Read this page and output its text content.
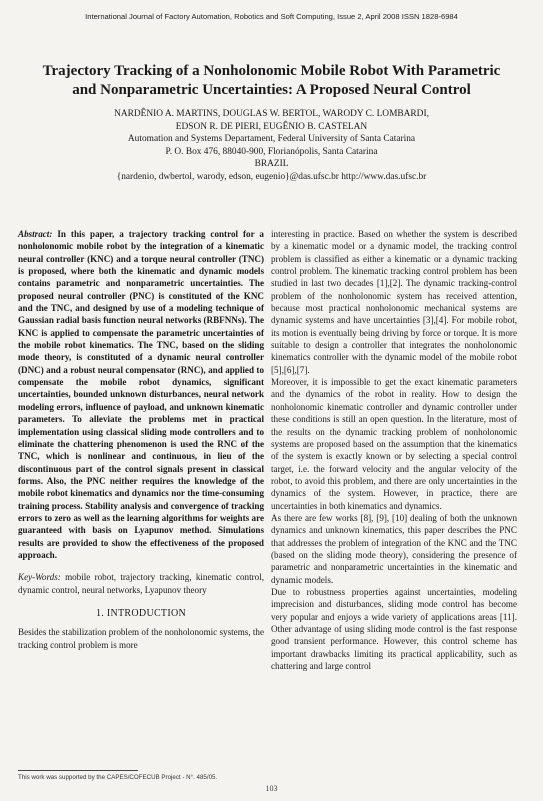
International Journal of Factory Automation, Robotics and Soft Computing, Issue 2, April 2008 ISSN 1828-6984
Trajectory Tracking of a Nonholonomic Mobile Robot With Parametric
and Nonparametric Uncertainties: A Proposed Neural Control
NARDÊNIO A. MARTINS, DOUGLAS W. BERTOL, WARODY C. LOMBARDI,
EDSON R. DE PIERI, EUGÊNIO B. CASTELAN
Automation and Systems Departament, Federal University of Santa Catarina
P. O. Box 476, 88040-900, Florianópolis, Santa Catarina
BRAZIL
{nardenio, dwbertol, warody, edson, eugenio}@das.ufsc.br http://www.das.ufsc.br

Abstract: In this paper, a trajectory tracking control for a nonholonomic mobile robot by the integration of a kinematic neural controller (KNC) and a torque neural controller (TNC) is proposed, where both the kinematic and dynamic models contains parametric and nonparametric uncertainties. The proposed neural controller (PNC) is constituted of the KNC and the TNC, and designed by use of a modeling technique of Gaussian radial basis function neural networks (RBFNNs). The KNC is applied to compensate the parametric uncertainties of the mobile robot kinematics. The TNC, based on the sliding mode theory, is constituted of a dynamic neural controller (DNC) and a robust neural compensator (RNC), and applied to compensate the mobile robot dynamics, significant uncertainties, bounded unknown disturbances, neural network modeling errors, influence of payload, and unknown kinematic parameters. To alleviate the problems met in practical implementation using classical sliding mode controllers and to eliminate the chattering phenomenon is used the RNC of the TNC, which is nonlinear and continuous, in lieu of the discontinuous part of the control signals present in classical forms. Also, the PNC neither requires the knowledge of the mobile robot kinematics and dynamics nor the time-consuming training process. Stability analysis and convergence of tracking errors to zero as well as the learning algorithms for weights are guaranteed with basis on Lyapunov method. Simulations results are provided to show the effectiveness of the proposed approach.

Key-Words: mobile robot, trajectory tracking, kinematic control, dynamic control, neural networks, Lyapunov theory

1. INTRODUCTION

Besides the stabilization problem of the nonholonomic systems, the tracking control problem is more

interesting in practice. Based on whether the system is described by a kinematic model or a dynamic model, the tracking control problem is classified as either a kinematic or a dynamic tracking control problem. The kinematic tracking control problem has been studied in last two decades [1],[2]. The dynamic tracking-control problem of the nonholonomic system has received attention, because most practical nonholonomic mechanical systems are dynamic systems and have uncertainties [3],[4]. For mobile robot, its motion is eventually being driving by force or torque. It is more suitable to design a controller that integrates the nonholonomic kinematics controller with the dynamic model of the mobile robot [5],[6],[7].

Moreover, it is impossible to get the exact kinematic parameters and the dynamics of the robot in reality. How to design the nonholonomic kinematic controller and dynamic controller under these conditions is still an open question. In the literature, most of the results on the dynamic tracking problem of nonholonomic systems are proposed based on the assumption that the kinematics of the system is exactly known or by selecting a special control target, i.e. the forward velocity and the angular velocity of the robot, to avoid this problem, and there are only uncertainties in the dynamics of the system. However, in practice, there are uncertainties in both kinematics and dynamics.

As there are few works [8], [9], [10] dealing of both the unknown dynamics and unknown kinematics, this paper describes the PNC that addresses the problem of integration of the KNC and the TNC (based on the sliding mode theory), considering the presence of parametric and nonparametric uncertainties in the kinematic and dynamic models.

Due to robustness properties against uncertainties, modeling imprecision and disturbances, sliding mode control has become very popular and enjoys a wide variety of applications areas [11]. Other advantage of using sliding mode control is the fast response good transient performance. However, this control scheme has important drawbacks limiting its practical applicability, such as chattering and large control

This work was supported by the CAPES/COFECUB Project - N°. 485/05.
103
